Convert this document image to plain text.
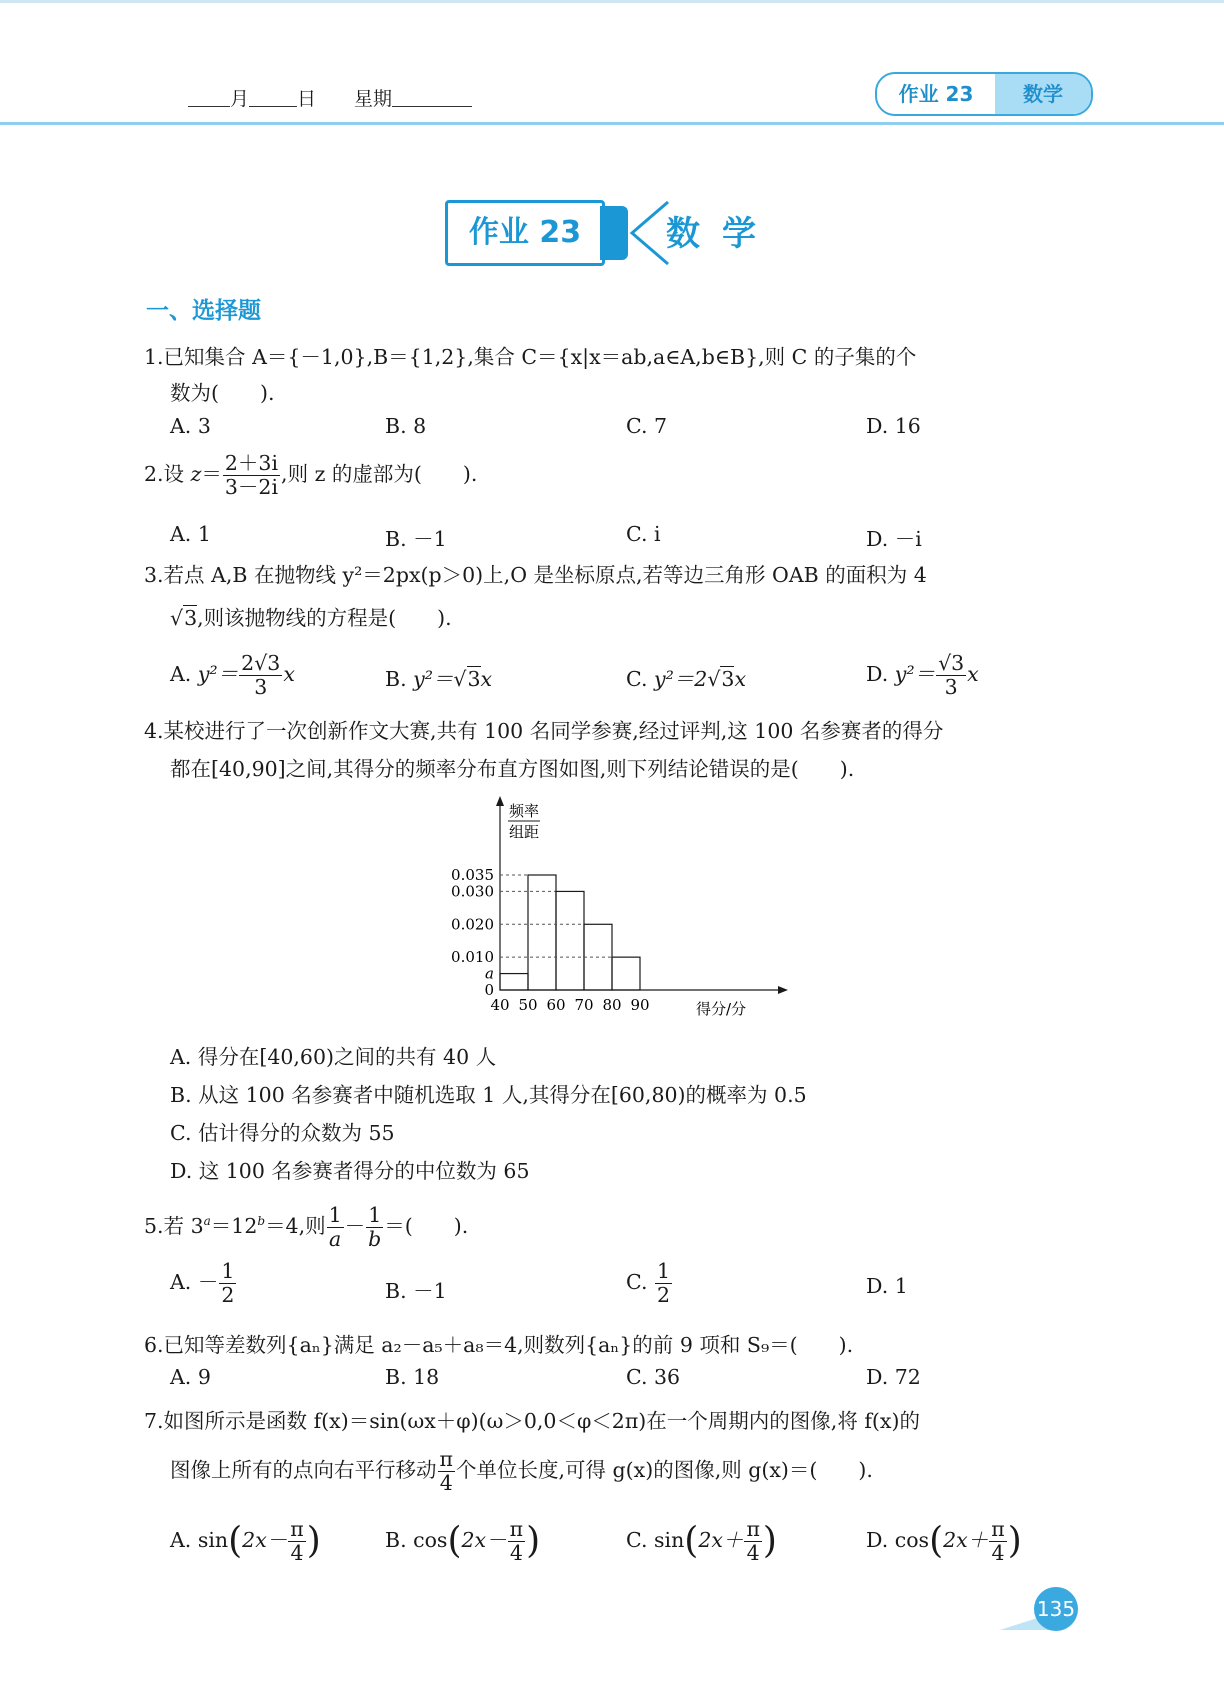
月	日 星期	作业 23	数学
作业 23	数学
一、选择题
1.已知集合 A＝{－1,0},B＝{1,2},集合 C＝{x|x＝ab,a∈A,b∈B},则 C 的子集的个
数为(　　).
A. 3	B. 8	C. 7	D. 16
2.设 $z= \frac{2+3i}{3-2i}$ ,则 z 的虚部为(　　).
A. 1	B. －1	C. i	D. －i
3.若点 A,B 在抛物线 y²＝2px(p＞0)上,O 是坐标原点,若等边三角形 OAB 的面积为 4
√3,则该抛物线的方程是(　　).
A. $y^2= \frac{2√3}{3}$ x	B. y²＝√3x	C. y²＝2√3x	D. $y^2= \frac{√3}{3}$ x
4.某校进行了一次创新作文大赛,共有 100 名同学参赛,经过评判,这 100 名参赛者的得分
都在[40,90]之间,其得分的频率分布直方图如图,则下列结论错误的是(　　).
频率
组距
0.035
0.030
0.020
0.010
a
0
40 50 60 70 80 90	得分/分
A. 得分在[40,60)之间的共有 40 人
B. 从这 100 名参赛者中随机选取 1 人,其得分在[60,80)的概率为 0.5
C. 估计得分的众数为 55
D. 这 100 名参赛者得分的中位数为 65
5.若 $3^a=12^b=4$,则 $\frac{1}{a} - \frac{1}{b}$ ＝(　　).
A. － $\frac{1}{2}$	B. －1	C. $\frac{1}{2}$	D. 1
6.已知等差数列{aₙ}满足 a₂－a₅＋a₈＝4,则数列{aₙ}的前 9 项和 S₉＝(　　).
A. 9	B. 18	C. 36	D. 72
7.如图所示是函数 f(x)＝sin(ωx＋φ)(ω＞0,0＜φ＜2π)在一个周期内的图像,将 f(x)的
图像上所有的点向右平行移动 $\frac{\pi}{4}$ 个单位长度,可得 g(x)的图像,则 g(x)＝(　　).
A. $\sin(2x- \frac{\pi}{4}$ )	B. $\cos(2x- \frac{\pi}{4}$ )	C. $\sin(2x+ \frac{\pi}{4}$ )	D. $\cos(2x+ \frac{\pi}{4}$ )
135
